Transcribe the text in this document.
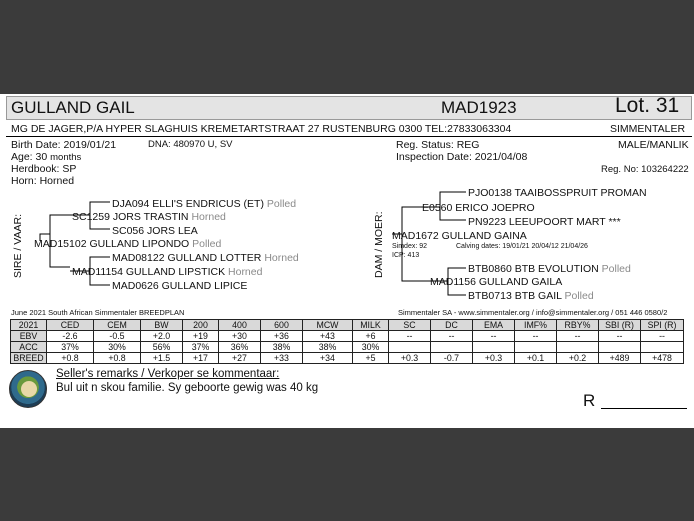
GULLAND GAIL	MAD1923	Lot. 31
MG DE JAGER,P/A HYPER SLAGHUIS KREMETARTSTRAAT 27 RUSTENBURG 0300 TEL:27833063304	SIMMENTALER
Birth Date: 2019/01/21	DNA: 480970 U, SV	Reg. Status: REG	MALE/MANLIK
Age: 30 months	Inspection Date: 2021/04/08
Herdbook: SP	Reg. No: 103264222
Horn: Horned
SIRE / VAAR:
DJA094 ELLI'S ENDRICUS (ET) Polled
SC1259 JORS TRASTIN Horned
SC056 JORS LEA
MAD15102 GULLAND LIPONDO Polled
MAD08122 GULLAND LOTTER Horned
MAD11154 GULLAND LIPSTICK Horned
MAD0626 GULLAND LIPICE
DAM / MOER:
PJO0138 TAAIBOSSPRUIT PROMAN
E0560 ERICO JOEPRO
PN9223 LEEUPOORT MART ***
MAD1672 GULLAND GAINA
Simdex: 92	Calving dates: 19/01/21 20/04/12 21/04/26
ICP: 413
BTB0860 BTB EVOLUTION Polled
MAD1156 GULLAND GAILA
BTB0713 BTB GAIL Polled
June 2021 South African Simmentaler BREEDPLAN	Simmentaler SA - www.simmentaler.org / info@simmentaler.org / 051 446 0580/2
2021	CED	CEM	BW	200	400	600	MCW	MILK	SC	DC	EMA	IMF%	RBY%	SBI (R)	SPI (R)
EBV	-2.6	-0.5	+2.0	+19	+30	+36	+43	+6	--	--	--	--	--	--	--
ACC	37%	30%	56%	37%	36%	38%	38%	30%							
BREED	+0.8	+0.8	+1.5	+17	+27	+33	+34	+5	+0.3	-0.7	+0.3	+0.1	+0.2	+489	+478
Seller's remarks / Verkoper se kommentaar:
Bul uit n skou familie. Sy geboorte gewig was 40 kg
R
